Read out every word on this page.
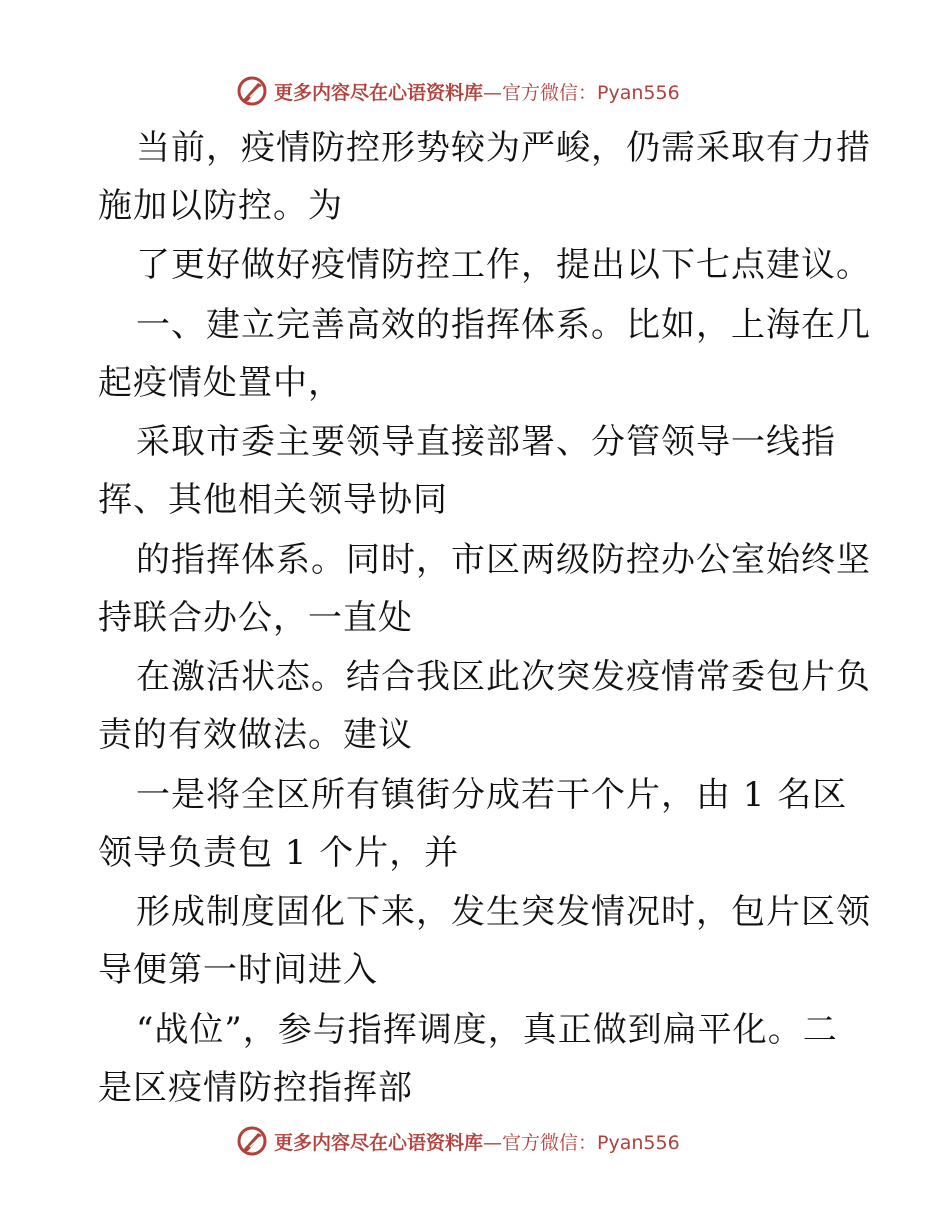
更多内容尽在心语资料库 —官方微信：Pyan556
当前，疫情防控形势较为严峻，仍需采取有力措
施加以防控。为
了更好做好疫情防控工作，提出以下七点建议。
一、建立完善高效的指挥体系。比如，上海在几
起疫情处置中，
采取市委主要领导直接部署、分管领导一线指
挥、其他相关领导协同
的指挥体系。同时，市区两级防控办公室始终坚
持联合办公，一直处
在激活状态。结合我区此次突发疫情常委包片负
责的有效做法。建议
一是将全区所有镇街分成若干个片，由 1 名区
领导负责包 1 个片，并
形成制度固化下来，发生突发情况时，包片区领
导便第一时间进入
“战位”，参与指挥调度，真正做到扁平化。二
是区疫情防控指挥部
更多内容尽在心语资料库 —官方微信：Pyan556
